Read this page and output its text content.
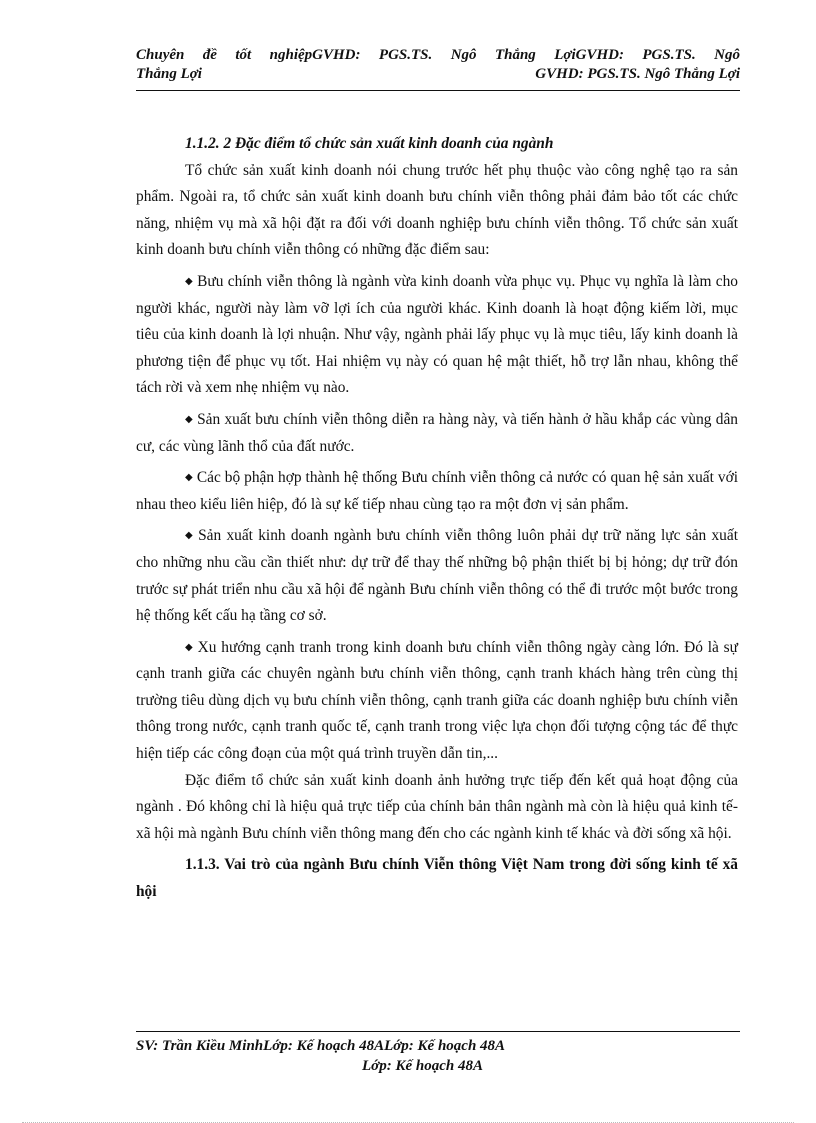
Chuyên đề tốt nghiệpGVHD: PGS.TS. Ngô Thắng LợiGVHD: PGS.TS. Ngô
Thắng Lợi	GVHD: PGS.TS. Ngô Thắng Lợi

1.1.2. 2 Đặc điểm tổ chức sản xuất kinh doanh của ngành

Tổ chức sản xuất kinh doanh nói chung trước hết phụ thuộc vào công nghệ tạo ra sản phẩm. Ngoài ra, tổ chức sản xuất kinh doanh bưu chính viễn thông phải đảm bảo tốt các chức năng, nhiệm vụ mà xã hội đặt ra đối với doanh nghiệp bưu chính viễn thông. Tổ chức sản xuất kinh doanh bưu chính viễn thông có những đặc điểm sau:

◆ Bưu chính viễn thông là ngành vừa kinh doanh vừa phục vụ. Phục vụ nghĩa là làm cho người khác, người này làm vỡ lợi ích của người khác. Kinh doanh là hoạt động kiếm lời, mục tiêu của kinh doanh là lợi nhuận. Như vậy, ngành phải lấy phục vụ là mục tiêu, lấy kinh doanh là phương tiện để phục vụ tốt. Hai nhiệm vụ này có quan hệ mật thiết, hỗ trợ lẫn nhau, không thể tách rời và xem nhẹ nhiệm vụ nào.

◆ Sản xuất bưu chính viễn thông diễn ra hàng này, và tiến hành ở hầu khắp các vùng dân cư, các vùng lãnh thổ của đất nước.

◆ Các bộ phận hợp thành hệ thống Bưu chính viễn thông cả nước có quan hệ sản xuất với nhau theo kiểu liên hiệp, đó là sự kế tiếp nhau cùng tạo ra một đơn vị sản phẩm.

◆ Sản xuất kinh doanh ngành bưu chính viễn thông luôn phải dự trữ năng lực sản xuất cho những nhu cầu cần thiết như: dự trữ để thay thế những bộ phận thiết bị bị hỏng; dự trữ đón trước sự phát triển nhu cầu xã hội để ngành Bưu chính viễn thông có thể đi trước một bước trong hệ thống kết cấu hạ tầng cơ sở.

◆ Xu hướng cạnh tranh trong kinh doanh bưu chính viễn thông ngày càng lớn. Đó là sự cạnh tranh giữa các chuyên ngành bưu chính viễn thông, cạnh tranh khách hàng trên cùng thị trường tiêu dùng dịch vụ bưu chính viễn thông, cạnh tranh giữa các doanh nghiệp bưu chính viễn thông trong nước, cạnh tranh quốc tế, cạnh tranh trong việc lựa chọn đối tượng cộng tác để thực hiện tiếp các công đoạn của một quá trình truyền dẫn tin,...

Đặc điểm tổ chức sản xuất kinh doanh ảnh hưởng trực tiếp đến kết quả hoạt động của ngành . Đó không chỉ là hiệu quả trực tiếp của chính bản thân ngành mà còn là hiệu quả kinh tế- xã hội mà ngành Bưu chính viễn thông mang đến cho các ngành kinh tế khác và đời sống xã hội.

1.1.3. Vai trò của ngành Bưu chính Viễn thông Việt Nam trong đời sống kinh tế xã hội

SV: Trần Kiều MinhLớp: Kế hoạch 48ALớp: Kế hoạch 48A
Lớp: Kế hoạch 48A
